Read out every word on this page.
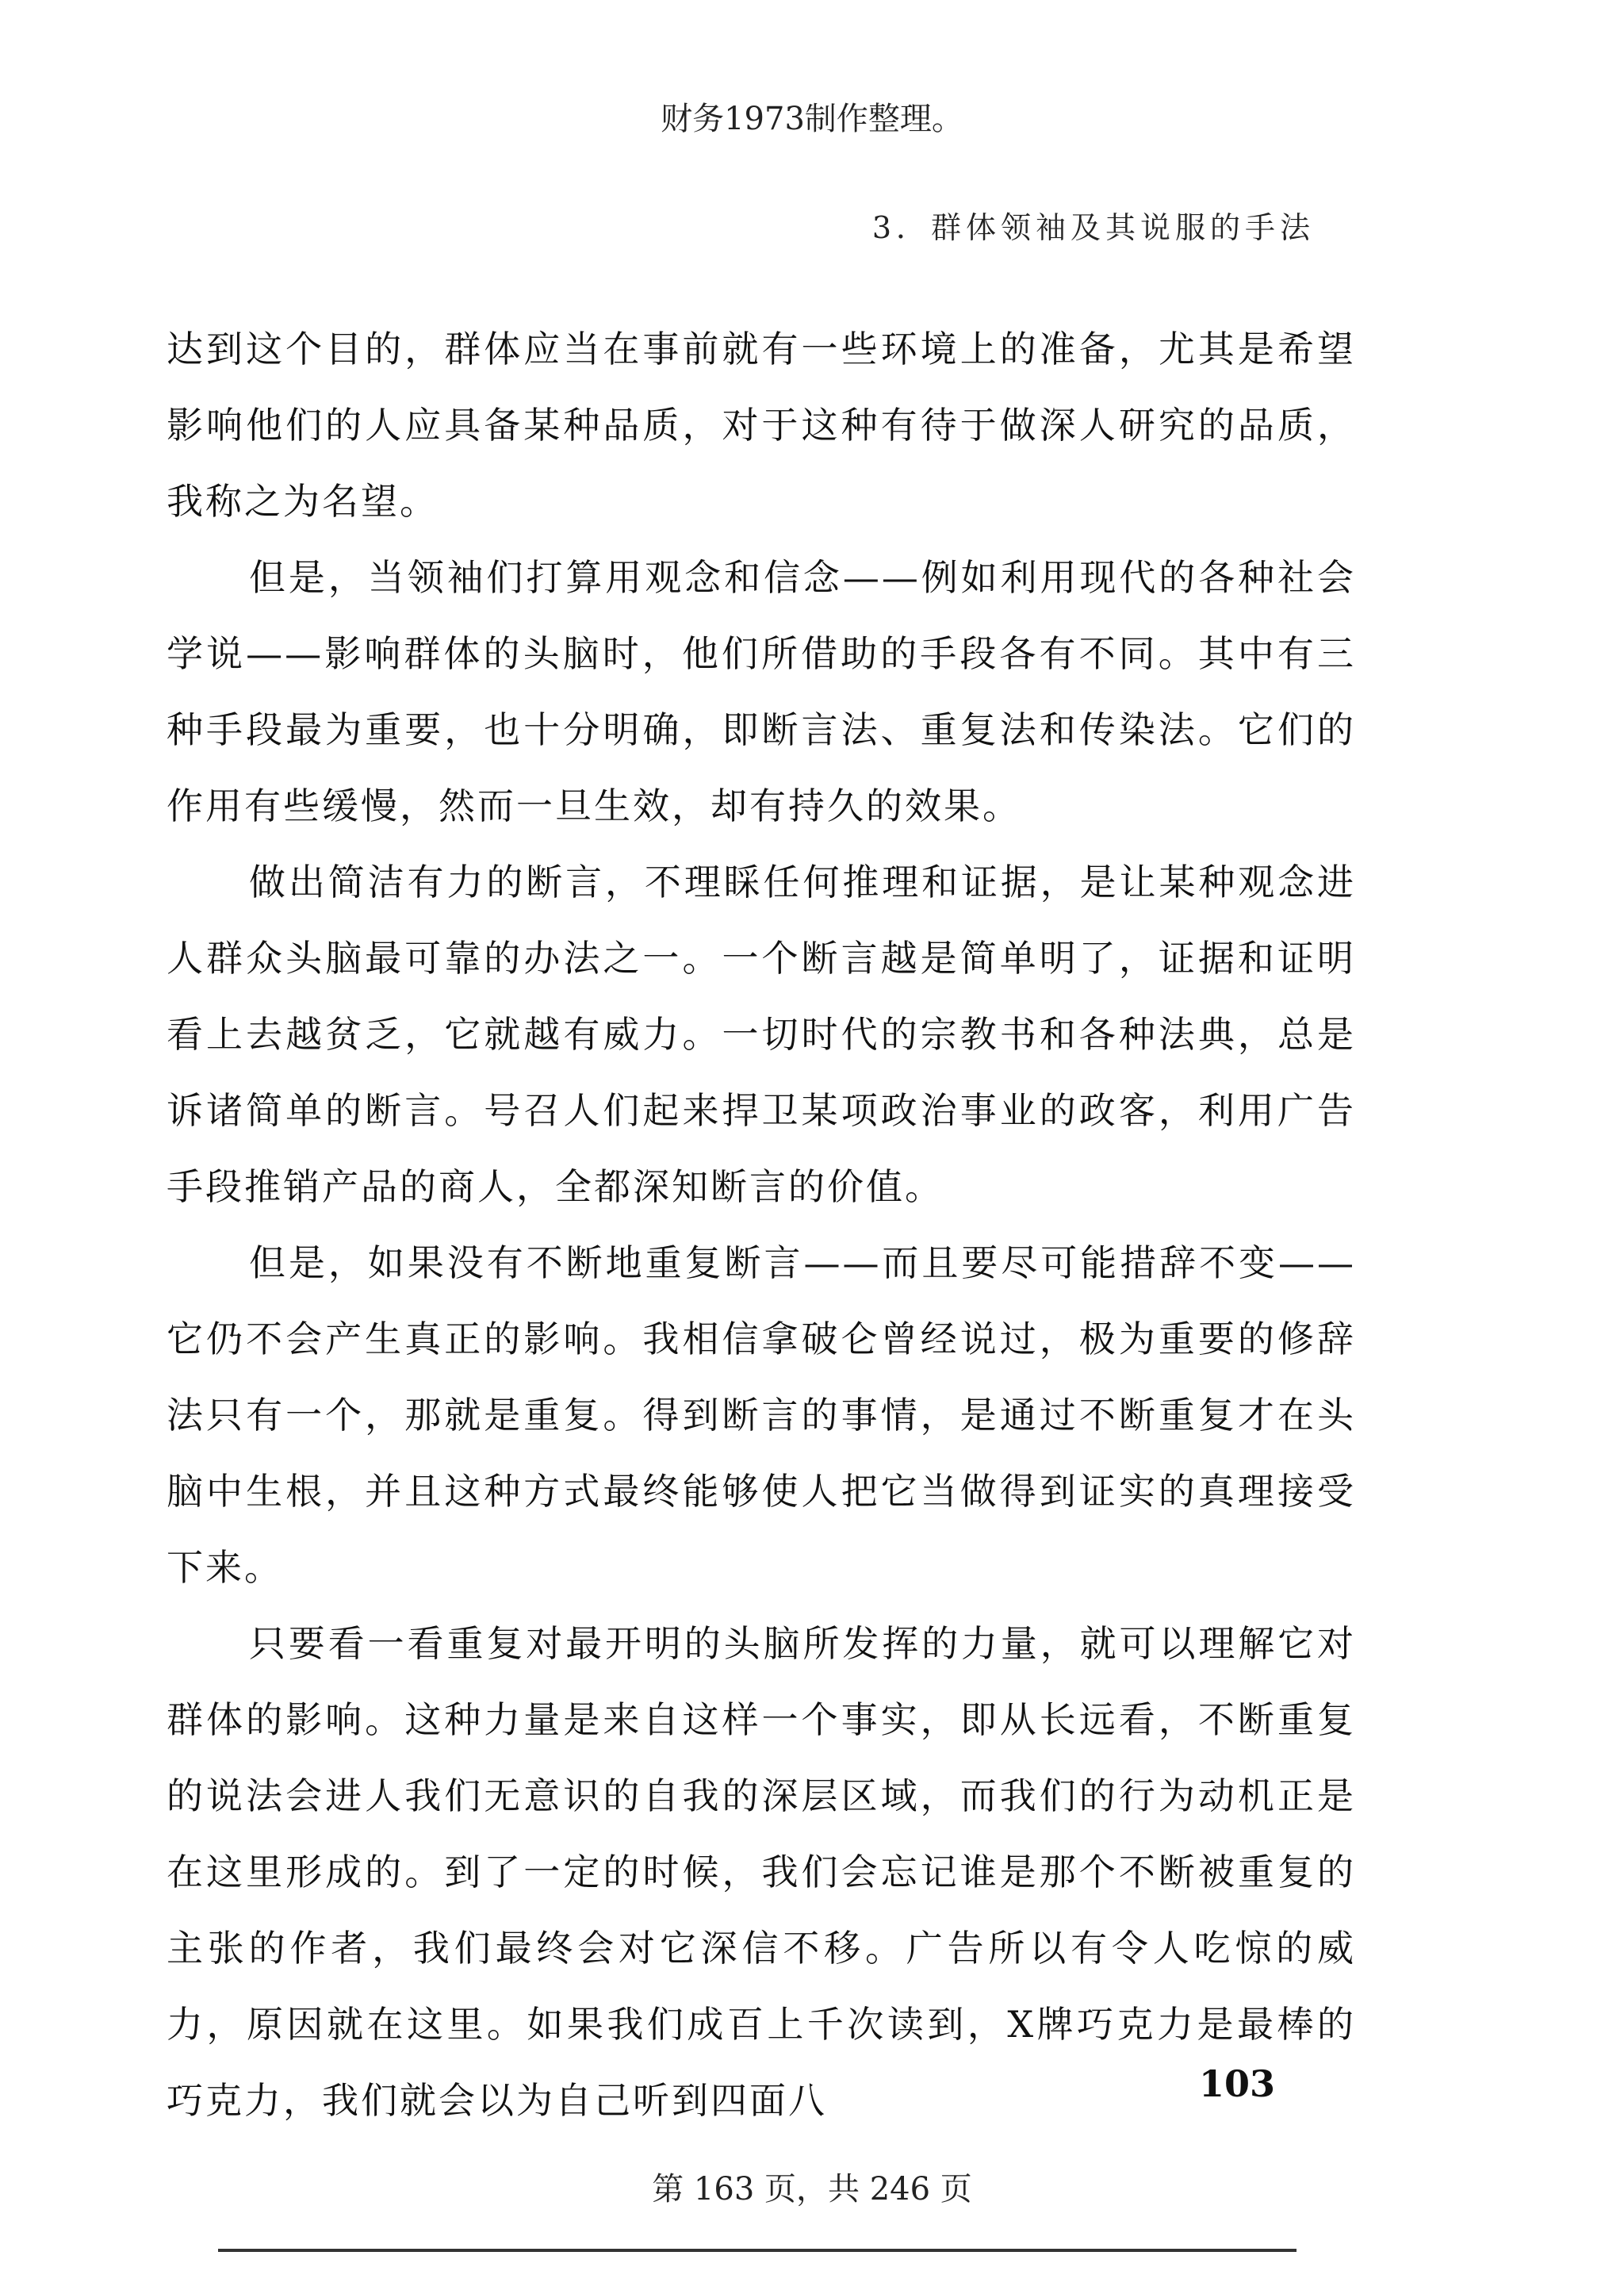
财务1973制作整理。
3．群体领袖及其说服的手法

达到这个目的，群体应当在事前就有一些环境上的准备，尤其是希望影响他们的人应具备某种品质，对于这种有待于做深人研究的品质，我称之为名望。

但是，当领袖们打算用观念和信念——例如利用现代的各种社会学说——影响群体的头脑时，他们所借助的手段各有不同。其中有三种手段最为重要，也十分明确，即断言法、重复法和传染法。它们的作用有些缓慢，然而一旦生效，却有持久的效果。

做出简洁有力的断言，不理睬任何推理和证据，是让某种观念进人群众头脑最可靠的办法之一。一个断言越是简单明了，证据和证明看上去越贫乏，它就越有威力。一切时代的宗教书和各种法典，总是诉诸简单的断言。号召人们起来捍卫某项政治事业的政客，利用广告手段推销产品的商人，全都深知断言的价值。

但是，如果没有不断地重复断言——而且要尽可能措辞不变——它仍不会产生真正的影响。我相信拿破仑曾经说过，极为重要的修辞法只有一个，那就是重复。得到断言的事情，是通过不断重复才在头脑中生根，并且这种方式最终能够使人把它当做得到证实的真理接受下来。

只要看一看重复对最开明的头脑所发挥的力量，就可以理解它对群体的影响。这种力量是来自这样一个事实，即从长远看，不断重复的说法会进人我们无意识的自我的深层区域，而我们的行为动机正是在这里形成的。到了一定的时候，我们会忘记谁是那个不断被重复的主张的作者，我们最终会对它深信不移。广告所以有令人吃惊的威力，原因就在这里。如果我们成百上千次读到，X牌巧克力是最棒的巧克力，我们就会以为自己听到四面八	103
第 163 页，共 246 页
